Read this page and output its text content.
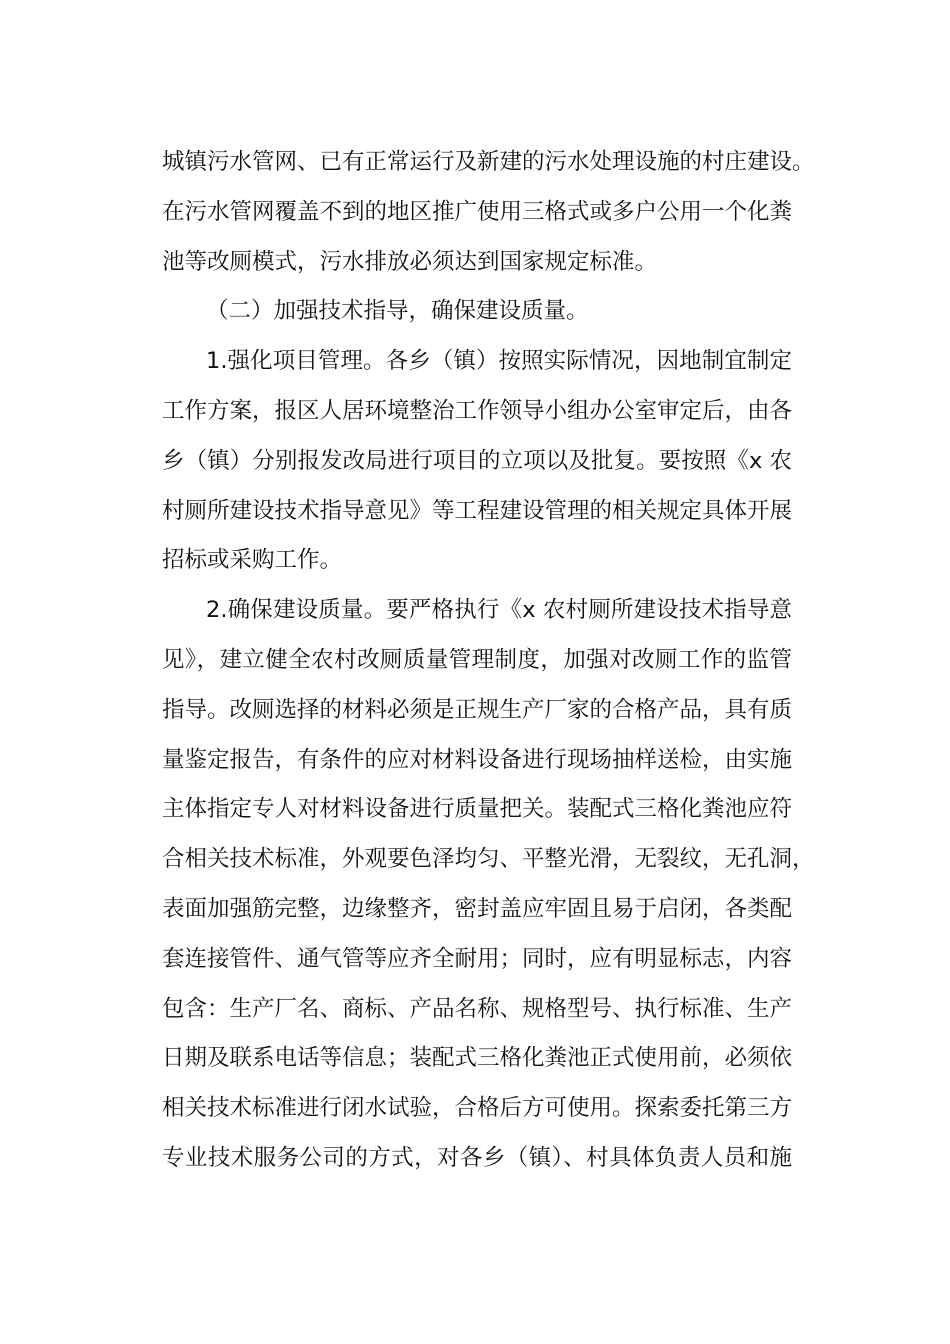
城镇污水管网、已有正常运行及新建的污水处理设施的村庄建设。
在污水管网覆盖不到的地区推广使用三格式或多户公用一个化粪
池等改厕模式，污水排放必须达到国家规定标准。
（二）加强技术指导，确保建设质量。
1.强化项目管理。各乡（镇）按照实际情况，因地制宜制定
工作方案，报区人居环境整治工作领导小组办公室审定后，由各
乡（镇）分别报发改局进行项目的立项以及批复。要按照《x 农
村厕所建设技术指导意见》等工程建设管理的相关规定具体开展
招标或采购工作。
2.确保建设质量。要严格执行《x 农村厕所建设技术指导意
见》，建立健全农村改厕质量管理制度，加强对改厕工作的监管
指导。改厕选择的材料必须是正规生产厂家的合格产品，具有质
量鉴定报告，有条件的应对材料设备进行现场抽样送检，由实施
主体指定专人对材料设备进行质量把关。装配式三格化粪池应符
合相关技术标准，外观要色泽均匀、平整光滑，无裂纹，无孔洞，
表面加强筋完整，边缘整齐，密封盖应牢固且易于启闭，各类配
套连接管件、通气管等应齐全耐用；同时，应有明显标志，内容
包含：生产厂名、商标、产品名称、规格型号、执行标准、生产
日期及联系电话等信息；装配式三格化粪池正式使用前，必须依
相关技术标准进行闭水试验，合格后方可使用。探索委托第三方
专业技术服务公司的方式，对各乡（镇）、村具体负责人员和施
